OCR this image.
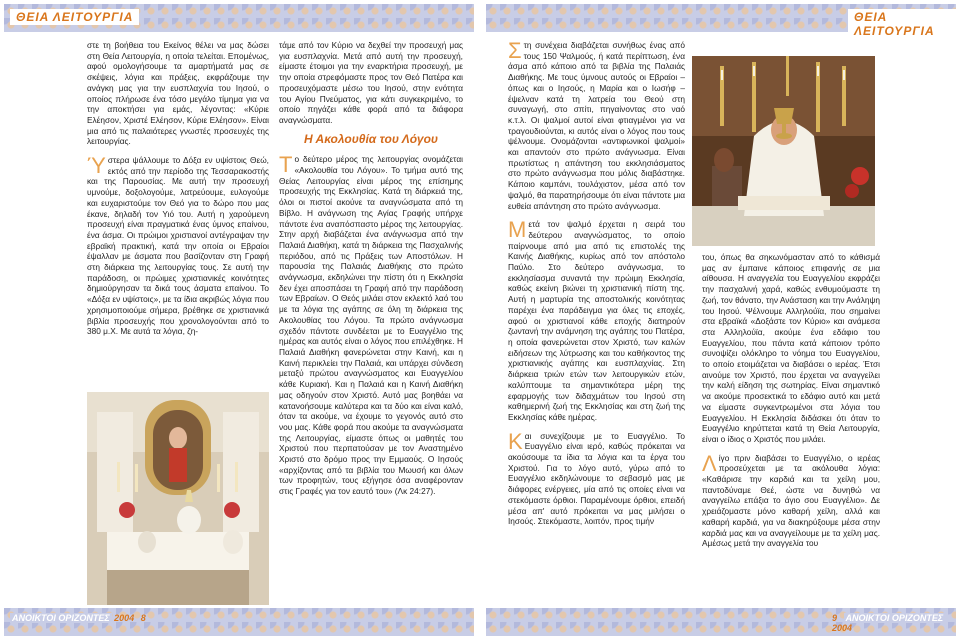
ΘΕΙΑ ΛΕΙΤΟΥΡΓΙΑ	ΘΕΙΑ ΛΕΙΤΟΥΡΓΙΑ

στε τη βοήθεια του Εκείνος θέλει να μας δώσει στη Θεία Λειτουργία, η οποία τελείται. Επομένως, αφού ομολογήσουμε τα αμαρτήματά μας σε σκέψεις, λόγια και πράξεις, εκφράζουμε την ανάγκη μας για την ευσπλαχνία του Ιησού, ο οποίος πλήρωσε ένα τόσο μεγάλο τίμημα για να την αποκτήσει για εμάς, λέγοντας: «Κύριε Ελέησον, Χριστέ Ελέησον, Κύριε Ελέησον». Είναι μια από τις παλαιότερες γνωστές προσευχές της λειτουργίας.

Ύστερα ψάλλουμε το Δόξα εν υψίστοις Θεώ, εκτός από την περίοδο της Τεσσαρακοστής και της Παρουσίας. Με αυτή την προσευχή υμνούμε, δοξολογούμε, λατρεύουμε, ευλογούμε και ευχαριστούμε τον Θεό για το δώρο που μας έκανε, δηλαδή τον Υιό του. Αυτή η χαρούμενη προσευχή είναι πραγματικά ένας ύμνος επαίνου, ένα άσμα. Οι πρώιμοι χριστιανοί αντέγραψαν την εβραϊκή πρακτική, κατά την οποία οι Εβραίοι έψαλλαν με άσματα που βασίζονταν στη Γραφή στη διάρκεια της λειτουργίας τους. Σε αυτή την παράδοση, οι πρώιμες χριστιανικές κοινότητες δημιούργησαν τα δικά τους άσματα επαίνου. Το «Δόξα εν υψίστοις», με τα ίδια ακριβώς λόγια που χρησιμοποιούμε σήμερα, βρέθηκε σε χριστιανικά βιβλία προσευχής που χρονολογούνται από το 380 μ.Χ. Με αυτά τα λόγια, ζη-

τάμε από τον Κύριο να δεχθεί την προσευχή μας για ευσπλαχνία. Μετά από αυτή την προσευχή, είμαστε έτοιμοι για την εναρκτήρια προσευχή, με την οποία στρεφόμαστε προς τον Θεό Πατέρα και προσευχόμαστε μέσω του Ιησού, στην ενότητα του Αγίου Πνεύματος, για κάτι συγκεκριμένο, το οποίο πηγάζει κάθε φορά από τα διάφορα αναγνώσματα.

Η Ακολουθία του Λόγου

Το δεύτερο μέρος της λειτουργίας ονομάζεται «Ακολουθία του Λόγου». Το τμήμα αυτό της Θείας Λειτουργίας είναι μέρος της επίσημης προσευχής της Εκκλησίας. Κατά τη διάρκειά της, όλοι οι πιστοί ακούνε τα αναγνώσματα από τη Βίβλο. Η ανάγνωση της Αγίας Γραφής υπήρχε πάντοτε ένα αναπόσπαστο μέρος της λειτουργίας. Στην αρχή διαβάζεται ένα ανάγνωσμα από την Παλαιά Διαθήκη, κατά τη διάρκεια της Πασχαλινής περιόδου, από τις Πράξεις των Αποστόλων. Η παρουσία της Παλαιάς Διαθήκης στο πρώτο ανάγνωσμα, εκδηλώνει την πίστη ότι η Εκκλησία δεν έχει αποσπάσει τη Γραφή από την παράδοση των Εβραίων. Ο Θεός μιλάει στον εκλεκτό λαό του με τα λόγια της αγάπης σε όλη τη διάρκεια της Ακολουθίας του Λόγου. Τα πρώτο ανάγνωσμα σχεδόν πάντοτε συνδέεται με το Ευαγγέλιο της ημέρας και αυτός είναι ο λόγος που επιλέχθηκε. Η Παλαιά Διαθήκη φανερώνεται στην Καινή, και η Καινή περικλείει την Παλαιά, και υπάρχει σύνδεση μεταξύ πρώτου αναγνώσματος και Ευαγγελίου κάθε Κυριακή. Και η Παλαιά και η Καινή Διαθήκη μας οδηγούν στον Χριστό. Αυτό μας βοηθάει να κατανοήσουμε καλύτερα και τα δύο και είναι καλό, όταν τα ακούμε, να έχουμε το γεγονός αυτό στο νου μας. Κάθε φορά που ακούμε τα αναγνώσματα της Λειτουργίας, είμαστε όπως οι μαθητές του Χριστού που περπατούσαν με τον Αναστημένο Χριστό στο δρόμο προς την Εμμαούς. Ο Ιησούς «αρχίζοντας από τα βιβλία του Μωυσή και όλων των προφητών, τους εξήγησε όσα αναφέρονταν στις Γραφές για τον εαυτό του» (Λκ 24:27).

Στη συνέχεια διαβάζεται συνήθως ένας από τους 150 Ψαλμούς, ή κατά περίπτωση, ένα άσμα από κάποιο από τα βιβλία της Παλαιάς Διαθήκης. Με τους ύμνους αυτούς οι Εβραίοι – όπως και ο Ιησούς, η Μαρία και ο Ιωσήφ – έψελναν κατά τη λατρεία του Θεού στη συναγωγή, στο σπίτι, πηγαίνοντας στο ναό κ.τ.λ. Οι ψαλμοί αυτοί είναι φτιαγμένοι για να τραγουδιούνται, κι αυτός είναι ο λόγος που τους ψέλνουμε. Ονομάζονται «αντιφωνικοί ψαλμοί» και απαντούν στο πρώτο ανάγνωσμα. Είναι πρωτίστως η απάντηση του εκκλησιάσματος στο πρώτο ανάγνωσμα που μόλις διαβάστηκε. Κάποιο καμπάνι, τουλάχιστον, μέσα από τον ψαλμό, θα παρατηρήσουμε ότι είναι πάντοτε μια ευθεία απάντηση στο πρώτο ανάγνωσμα.

Μετά τον ψαλμό έρχεται η σειρά του δεύτερου αναγνώσματος, το οποίο παίρνουμε από μια από τις επιστολές της Καινής Διαθήκης, κυρίως από τον απόστολο Παύλο. Στο δεύτερο ανάγνωσμα, το εκκλησίασμα συναντά την πρώιμη Εκκλησία, καθώς εκείνη βιώνει τη χριστιανική πίστη της. Αυτή η μαρτυρία της αποστολικής κοινότητας παρέχει ένα παράδειγμα για όλες τις εποχές, αφού οι χριστιανοί κάθε εποχής διατηρούν ζωντανή την ανάμνηση της αγάπης του Πατέρα, η οποία φανερώνεται στον Χριστό, των καλών ειδήσεων της λύτρωσης και του καθήκοντος της χριστιανικής αγάπης και ευσπλαχνίας. Στη διάρκεια τριών ετών των λειτουργικών ετών, καλύπτουμε τα σημαντικότερα μέρη της εφαρμογής των διδαχμάτων του Ιησού στη καθημερινή ζωή της Εκκλησίας και στη ζωή της Εκκλησίας κάθε ημέρας.

Και συνεχίζουμε με το Ευαγγέλιο. Το Ευαγγέλιο είναι ιερό, καθώς πρόκειται να ακούσουμε τα ίδια τα λόγια και τα έργα του Χριστού. Για το λόγο αυτό, γύρω από το Ευαγγέλιο εκδηλώνουμε το σεβασμό μας με διάφορες ενέργειες, μία από τις οποίες είναι να στεκόμαστε όρθιοι. Παραμένουμε όρθιοι, επειδή μέσα απ' αυτό πρόκειται να μας μιλήσει ο Ιησούς. Στεκόμαστε, λοιπόν, προς τιμήν

του, όπως θα σηκωνόμασταν από το κάθισμά μας αν έμπαινε κάποιος επιφανής σε μια αίθουσα. Η αναγγελία του Ευαγγελίου εκφράζει την πασχαλινή χαρά, καθώς ενθυμούμαστε τη ζωή, τον θάνατο, την Ανάσταση και την Ανάληψη του Ιησού. Ψέλνουμε Αλληλούϊα, που σημαίνει στα εβραϊκά «Δοξάστε τον Κύριο» και ανάμεσα στα Αλληλούϊα, ακούμε ένα εδάφιο του Ευαγγελίου, που πάντα κατά κάποιον τρόπο συνοψίζει ολόκληρο το νόημα του Ευαγγελίου, το οποίο ετοιμάζεται να διαβάσει ο ιερέας. Έτσι αινούμε τον Χριστό, που έρχεται να αναγγείλει την καλή είδηση της σωτηρίας. Είναι σημαντικό να ακούμε προσεκτικά το εδάφιο αυτό και μετά να είμαστε συγκεντρωμένοι στα λόγια του Ευαγγελίου. Η Εκκλησία διδάσκει ότι όταν το Ευαγγέλιο κηρύττεται κατά τη Θεία Λειτουργία, είναι ο ίδιος ο Χριστός που μιλάει.

Λίγο πριν διαβάσει το Ευαγγέλιο, ο ιερέας προσεύχεται με τα ακόλουθα λόγια: «Καθάρισε την καρδιά και τα χείλη μου, παντοδύναμε Θεέ, ώστε να δυνηθώ να αναγγείλω επάξια το άγιο σου Ευαγγέλιο». Δε χρειάζομαστε μόνο καθαρή χείλη, αλλά και καθαρή καρδιά, για να διακηρύξουμε μέσα στην καρδιά μας και να αναγγείλουμε με τα χείλη μας. Αμέσως μετά την αναγγελία του

ΑΝΟΙΚΤΟΙ ΟΡΙΖΟΝΤΕΣ 2004 8	9 ΑΝΟΙΚΤΟΙ ΟΡΙΖΟΝΤΕΣ 2004
